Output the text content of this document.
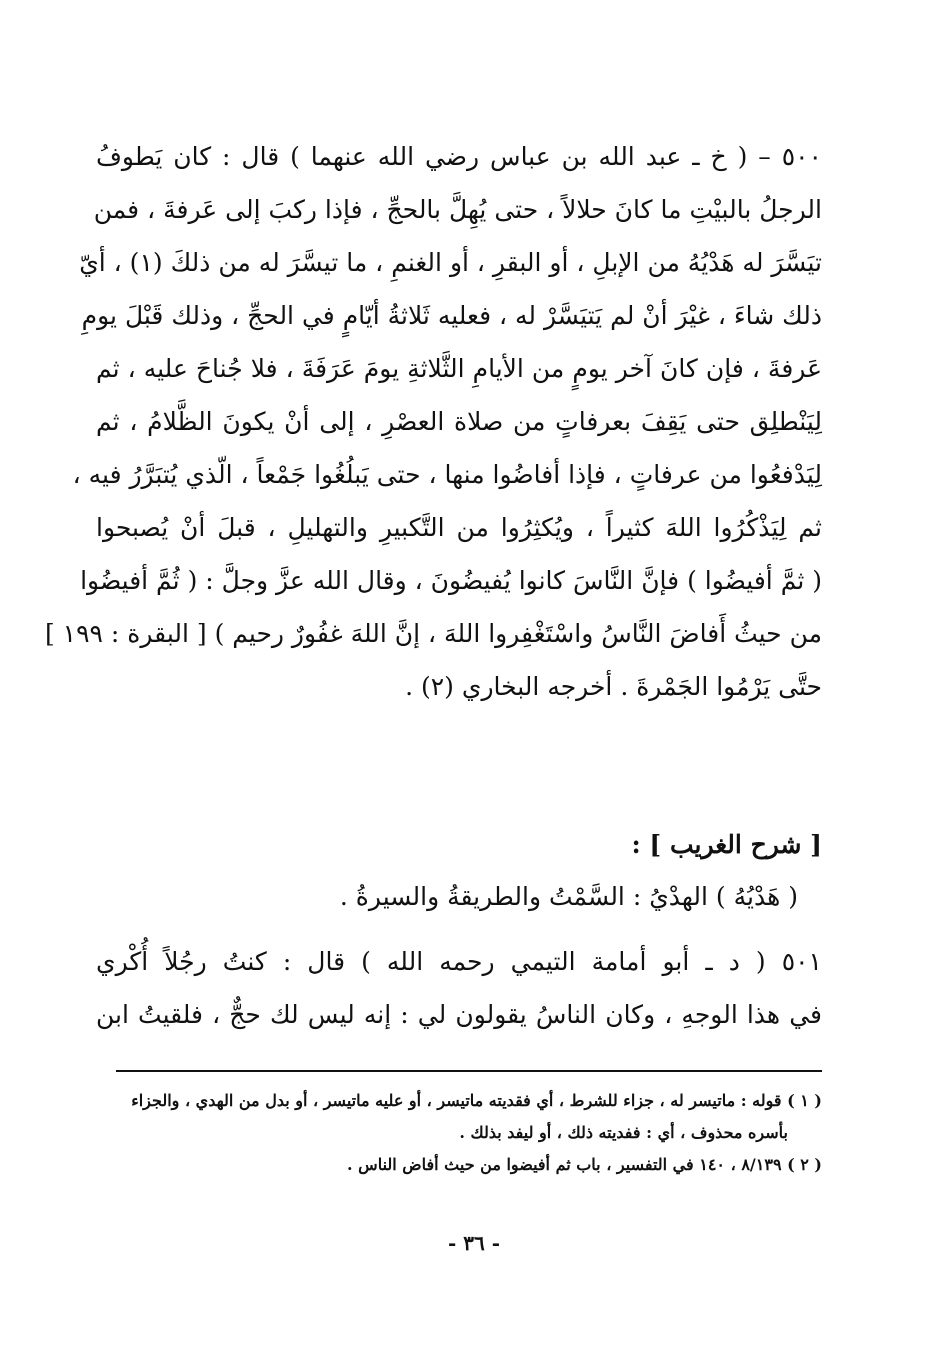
٥٠٠ – ( خ ـ عبد الله بن عباس رضي الله عنهما ) قال : كان يَطوفُ
الرجلُ بالبيْتِ ما كانَ حلالاً ، حتى يُهِلَّ بالحجِّ ، فإذا ركبَ إلى عَرفةَ ، فمن
تيَسَّرَ له هَدْيُهُ من الإبلِ ، أو البقرِ ، أو الغنمِ ، ما تيسَّرَ له من ذلكَ (١) ، أيّ
ذلك شاءَ ، غيْرَ أنْ لم يَتيَسَّرْ له ، فعليه ثَلاثةُ أيّامٍ في الحجِّ ، وذلك قَبْلَ يومِ
عَرفةَ ، فإن كانَ آخر يومٍ من الأيامِ الثَّلاثةِ يومَ عَرَفَةَ ، فلا جُناحَ عليه ، ثم
لِيَنْطلِق حتى يَقِفَ بعرفاتٍ من صلاة العصْرِ ، إلى أنْ يكونَ الظَّلامُ ، ثم
لِيَدْفعُوا من عرفاتٍ ، فإذا أفاضُوا منها ، حتى يَبلُغُوا جَمْعاً ، الّذي يُتبَرَّرُ فيه ،
ثم لِيَذْكُرُوا اللهَ كثيراً ، ويُكثِرُوا من التَّكبيرِ والتهليلِ ، قبلَ أنْ يُصبحوا
( ثمَّ أفيضُوا ) فإنَّ النَّاسَ كانوا يُفيضُونَ ، وقال الله عزَّ وجلَّ : ( ثُمَّ أفيضُوا
من حيثُ أَفاضَ النَّاسُ واسْتَغْفِروا اللهَ ، إنَّ اللهَ غفُورٌ رحيم ) [ البقرة : ١٩٩ ]
حتَّى يَرْمُوا الجَمْرةَ . أخرجه البخاري (٢) .
[ شرح الغريب ] :
( هَدْيُهُ ) الهدْيُ : السَّمْتُ والطريقةُ والسيرةُ .
٥٠١ ( د ـ أبو أمامة التيمي رحمه الله ) قال : كنتُ رجُلاً أُكْري
في هذا الوجهِ ، وكان الناسُ يقولون لي : إنه ليس لك حجٌّ ، فلقيتُ ابن
( ١ ) قوله : ماتيسر له ، جزاء للشرط ، أي فقديته ماتيسر ، أو عليه ماتيسر ، أو بدل من الهدي ، والجزاء
بأسره محذوف ، أي : ففديته ذلك ، أو ليفد بذلك .
( ٢ ) ٨/١٣٩ ، ١٤٠ في التفسير ، باب ثم أفيضوا من حيث أفاض الناس .
- ٣٦ -
